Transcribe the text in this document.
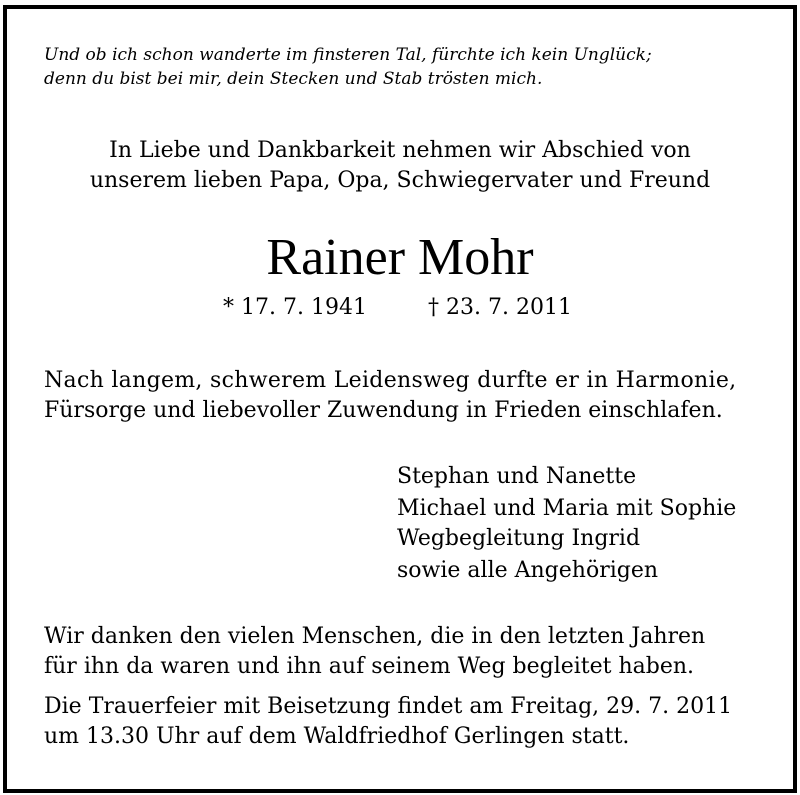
Und ob ich schon wanderte im finsteren Tal, fürchte ich kein Unglück;
denn du bist bei mir, dein Stecken und Stab trösten mich.
In Liebe und Dankbarkeit nehmen wir Abschied von
unserem lieben Papa, Opa, Schwiegervater und Freund
Rainer Mohr
* 17. 7. 1941	† 23. 7. 2011
Nach langem, schwerem Leidensweg durfte er in Harmonie,
Fürsorge und liebevoller Zuwendung in Frieden einschlafen.
Stephan und Nanette
Michael und Maria mit Sophie
Wegbegleitung Ingrid
sowie alle Angehörigen
Wir danken den vielen Menschen, die in den letzten Jahren
für ihn da waren und ihn auf seinem Weg begleitet haben.
Die Trauerfeier mit Beisetzung findet am Freitag, 29. 7. 2011
um 13.30 Uhr auf dem Waldfriedhof Gerlingen statt.
